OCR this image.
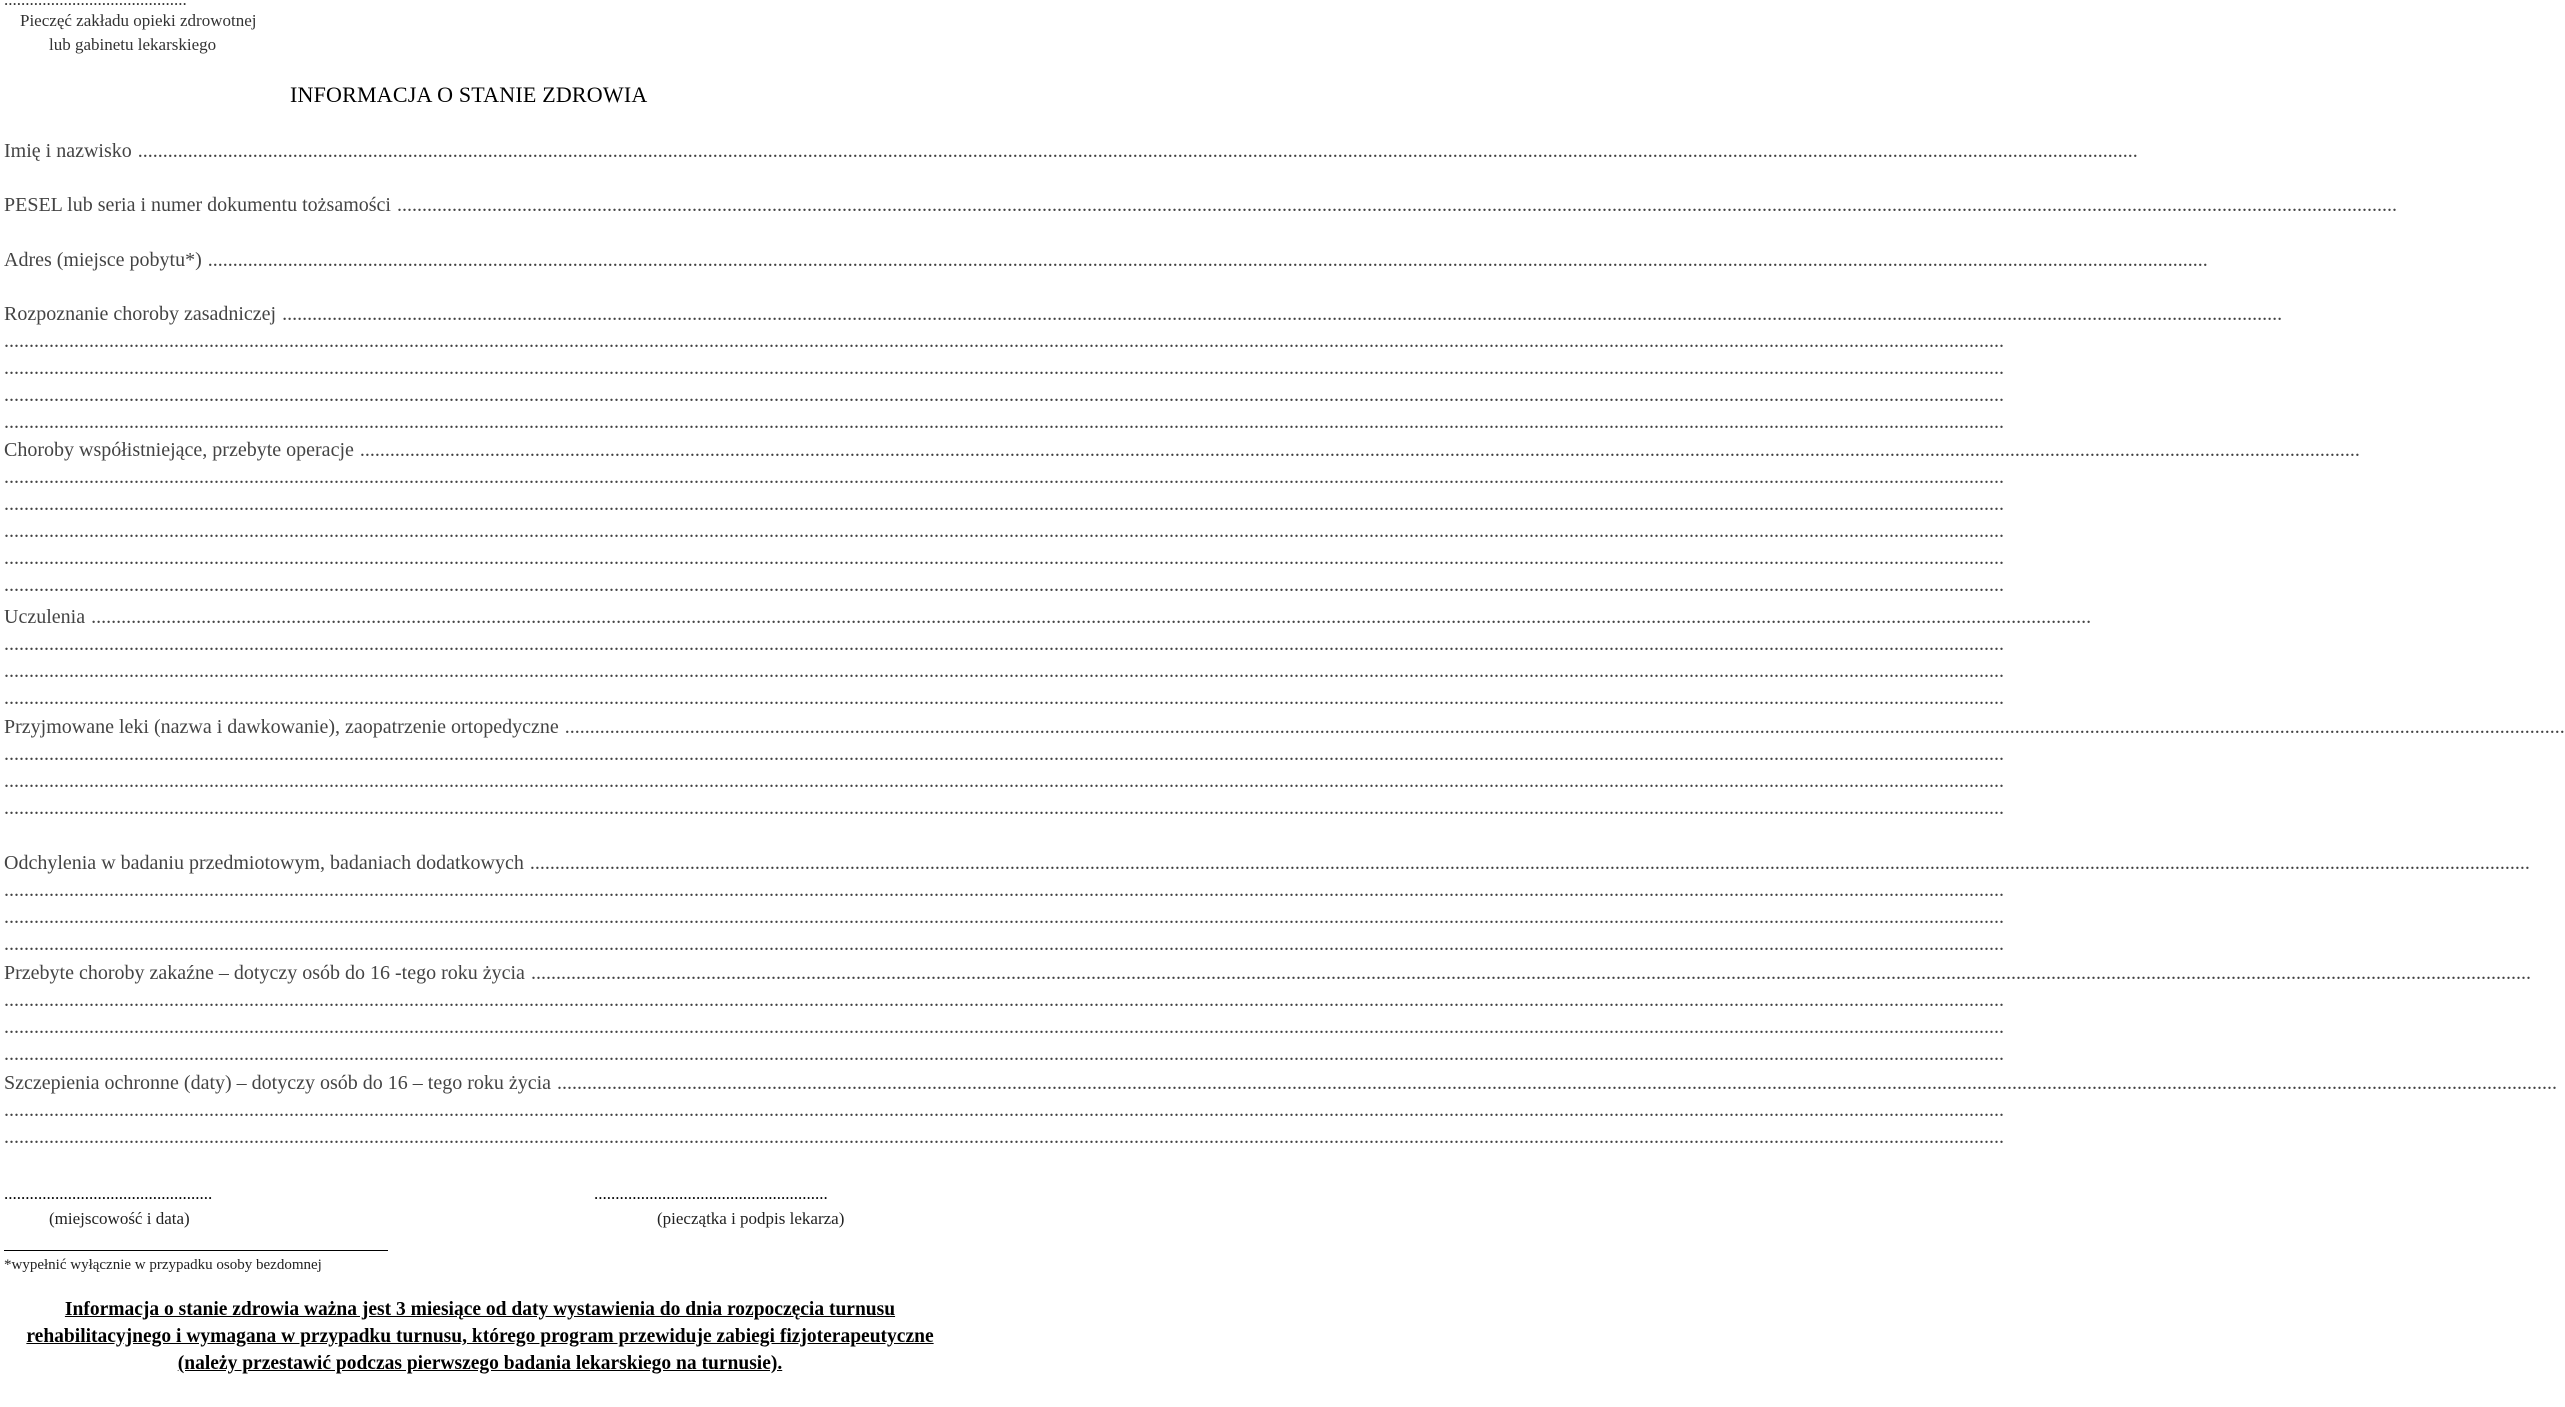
Pieczęć zakładu opieki zdrowotnej
lub gabinetu lekarskiego
INFORMACJA O STANIE ZDROWIA
Imię i nazwisko ................................................................................................................................................................................................................................................................................................................................................................................................................
PESEL lub seria i numer dokumentu tożsamości ................................................................................................................................................................................................................................................................................................................................................................................................................
Adres (miejsce pobytu*) ................................................................................................................................................................................................................................................................................................................................................................................................................
Rozpoznanie choroby zasadniczej ................................................................................................................................................................................................................................................................................................................................................................................................................
................................................................................................................................................................................................................................................................................................................................................................................................................
................................................................................................................................................................................................................................................................................................................................................................................................................
................................................................................................................................................................................................................................................................................................................................................................................................................
................................................................................................................................................................................................................................................................................................................................................................................................................
Choroby współistniejące, przebyte operacje ................................................................................................................................................................................................................................................................................................................................................................................................................
................................................................................................................................................................................................................................................................................................................................................................................................................
................................................................................................................................................................................................................................................................................................................................................................................................................
................................................................................................................................................................................................................................................................................................................................................................................................................
................................................................................................................................................................................................................................................................................................................................................................................................................
................................................................................................................................................................................................................................................................................................................................................................................................................
Uczulenia ................................................................................................................................................................................................................................................................................................................................................................................................................
................................................................................................................................................................................................................................................................................................................................................................................................................
................................................................................................................................................................................................................................................................................................................................................................................................................
................................................................................................................................................................................................................................................................................................................................................................................................................
Przyjmowane leki (nazwa i dawkowanie), zaopatrzenie ortopedyczne ................................................................................................................................................................................................................................................................................................................................................................................................................
................................................................................................................................................................................................................................................................................................................................................................................................................
................................................................................................................................................................................................................................................................................................................................................................................................................
................................................................................................................................................................................................................................................................................................................................................................................................................
Odchylenia w badaniu przedmiotowym, badaniach dodatkowych ................................................................................................................................................................................................................................................................................................................................................................................................................
................................................................................................................................................................................................................................................................................................................................................................................................................
................................................................................................................................................................................................................................................................................................................................................................................................................
................................................................................................................................................................................................................................................................................................................................................................................................................
Przebyte choroby zakaźne – dotyczy osób do 16 -tego roku życia ................................................................................................................................................................................................................................................................................................................................................................................................................
................................................................................................................................................................................................................................................................................................................................................................................................................
................................................................................................................................................................................................................................................................................................................................................................................................................
................................................................................................................................................................................................................................................................................................................................................................................................................
Szczepienia ochronne (daty) – dotyczy osób do 16 – tego roku życia ................................................................................................................................................................................................................................................................................................................................................................................................................
................................................................................................................................................................................................................................................................................................................................................................................................................
................................................................................................................................................................................................................................................................................................................................................................................................................
.................................................	.......................................................
(miejscowość i data)	(pieczątka i podpis lekarza)
*wypełnić wyłącznie w przypadku osoby bezdomnej
Informacja o stanie zdrowia ważna jest 3 miesiące od daty wystawienia do dnia rozpoczęcia turnusu rehabilitacyjnego i wymagana w przypadku turnusu, którego program przewiduje zabiegi fizjoterapeutyczne (należy przestawić podczas pierwszego badania lekarskiego na turnusie).
